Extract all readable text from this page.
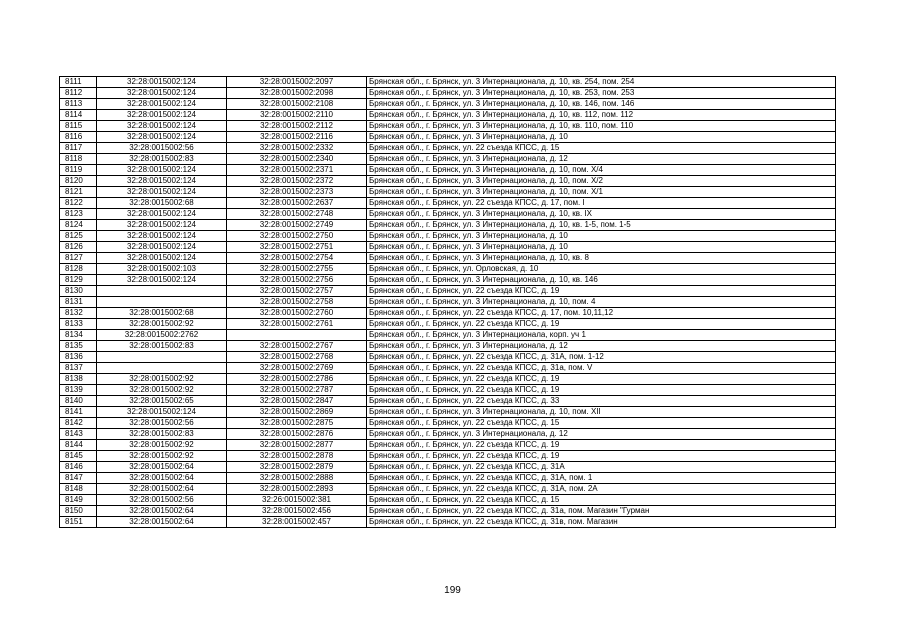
8111	32:28:0015002:124	32:28:0015002:2097	Брянская обл., г. Брянск, ул. 3 Интернационала, д. 10, кв. 254, пом. 254
8112	32:28:0015002:124	32:28:0015002:2098	Брянская обл., г. Брянск, ул. 3 Интернационала, д. 10, кв. 253, пом. 253
8113	32:28:0015002:124	32:28:0015002:2108	Брянская обл., г. Брянск, ул. 3 Интернационала, д. 10, кв. 146, пом. 146
8114	32:28:0015002:124	32:28:0015002:2110	Брянская обл., г. Брянск, ул. 3 Интернационала, д. 10, кв. 112, пом. 112
8115	32:28:0015002:124	32:28:0015002:2112	Брянская обл., г. Брянск, ул. 3 Интернационала, д. 10, кв. 110, пом. 110
8116	32:28:0015002:124	32:28:0015002:2116	Брянская обл., г. Брянск, ул. 3 Интернационала, д. 10
8117	32:28:0015002:56	32:28:0015002:2332	Брянская обл., г. Брянск, ул. 22 съезда КПСС, д. 15
8118	32:28:0015002:83	32:28:0015002:2340	Брянская обл., г. Брянск, ул. 3 Интернационала, д. 12
8119	32:28:0015002:124	32:28:0015002:2371	Брянская обл., г. Брянск, ул. 3 Интернационала, д. 10, пом. X/4
8120	32:28:0015002:124	32:28:0015002:2372	Брянская обл., г. Брянск, ул. 3 Интернационала, д. 10, пом. X/2
8121	32:28:0015002:124	32:28:0015002:2373	Брянская обл., г. Брянск, ул. 3 Интернационала, д. 10, пом. X/1
8122	32:28:0015002:68	32:28:0015002:2637	Брянская обл., г. Брянск, ул. 22 съезда КПСС, д. 17, пом. I
8123	32:28:0015002:124	32:28:0015002:2748	Брянская обл., г. Брянск, ул. 3 Интернационала, д. 10, кв. IX
8124	32:28:0015002:124	32:28:0015002:2749	Брянская обл., г. Брянск, ул. 3 Интернационала, д. 10, кв. 1-5, пом. 1-5
8125	32:28:0015002:124	32:28:0015002:2750	Брянская обл., г. Брянск, ул. 3 Интернационала, д. 10
8126	32:28:0015002:124	32:28:0015002:2751	Брянская обл., г. Брянск, ул. 3 Интернационала, д. 10
8127	32:28:0015002:124	32:28:0015002:2754	Брянская обл., г. Брянск, ул. 3 Интернационала, д. 10, кв. 8
8128	32:28:0015002:103	32:28:0015002:2755	Брянская обл., г. Брянск, ул. Орловская, д. 10
8129	32:28:0015002:124	32:28:0015002:2756	Брянская обл., г. Брянск, ул. 3 Интернационала, д. 10, кв. 146
8130		32:28:0015002:2757	Брянская обл., г. Брянск, ул. 22 съезда КПСС, д. 19
8131		32:28:0015002:2758	Брянская обл., г. Брянск, ул. 3 Интернационала, д. 10, пом. 4
8132	32:28:0015002:68	32:28:0015002:2760	Брянская обл., г. Брянск, ул. 22 съезда КПСС, д. 17, пом. 10,11,12
8133	32:28:0015002:92	32:28:0015002:2761	Брянская обл., г. Брянск, ул. 22 съезда КПСС, д. 19
8134	32:28:0015002:2762		Брянская обл., г. Брянск, ул. 3 Интернационала, корп. уч 1
8135	32:28:0015002:83	32:28:0015002:2767	Брянская обл., г. Брянск, ул. 3 Интернационала, д. 12
8136		32:28:0015002:2768	Брянская обл., г. Брянск, ул. 22 съезда КПСС, д. 31А, пом. 1-12
8137		32:28:0015002:2769	Брянская обл., г. Брянск, ул. 22 съезда КПСС, д. 31а, пом. V
8138	32:28:0015002:92	32:28:0015002:2786	Брянская обл., г. Брянск, ул. 22 съезда КПСС, д. 19
8139	32:28:0015002:92	32:28:0015002:2787	Брянская обл., г. Брянск, ул. 22 съезда КПСС, д. 19
8140	32:28:0015002:65	32:28:0015002:2847	Брянская обл., г. Брянск, ул. 22 съезда КПСС, д. 33
8141	32:28:0015002:124	32:28:0015002:2869	Брянская обл., г. Брянск, ул. 3 Интернационала, д. 10, пом. XII
8142	32:28:0015002:56	32:28:0015002:2875	Брянская обл., г. Брянск, ул. 22 съезда КПСС, д. 15
8143	32:28:0015002:83	32:28:0015002:2876	Брянская обл., г. Брянск, ул. 3 Интернационала, д. 12
8144	32:28:0015002:92	32:28:0015002:2877	Брянская обл., г. Брянск, ул. 22 съезда КПСС, д. 19
8145	32:28:0015002:92	32:28:0015002:2878	Брянская обл., г. Брянск, ул. 22 съезда КПСС, д. 19
8146	32:28:0015002:64	32:28:0015002:2879	Брянская обл., г. Брянск, ул. 22 съезда КПСС, д. 31А
8147	32:28:0015002:64	32:28:0015002:2888	Брянская обл., г. Брянск, ул. 22 съезда КПСС, д. 31А, пом. 1
8148	32:28:0015002:64	32:28:0015002:2893	Брянская обл., г. Брянск, ул. 22 съезда КПСС, д. 31А, пом. 2А
8149	32:28:0015002:56	32:26:0015002:381	Брянская обл., г. Брянск, ул. 22 съезда КПСС, д. 15
8150	32:28:0015002:64	32:28:0015002:456	Брянская обл., г. Брянск, ул. 22 съезда КПСС, д. 31а, пом. Магазин "Гурман
8151	32:28:0015002:64	32:28:0015002:457	Брянская обл., г. Брянск, ул. 22 съезда КПСС, д. 31в, пом. Магазин
199
